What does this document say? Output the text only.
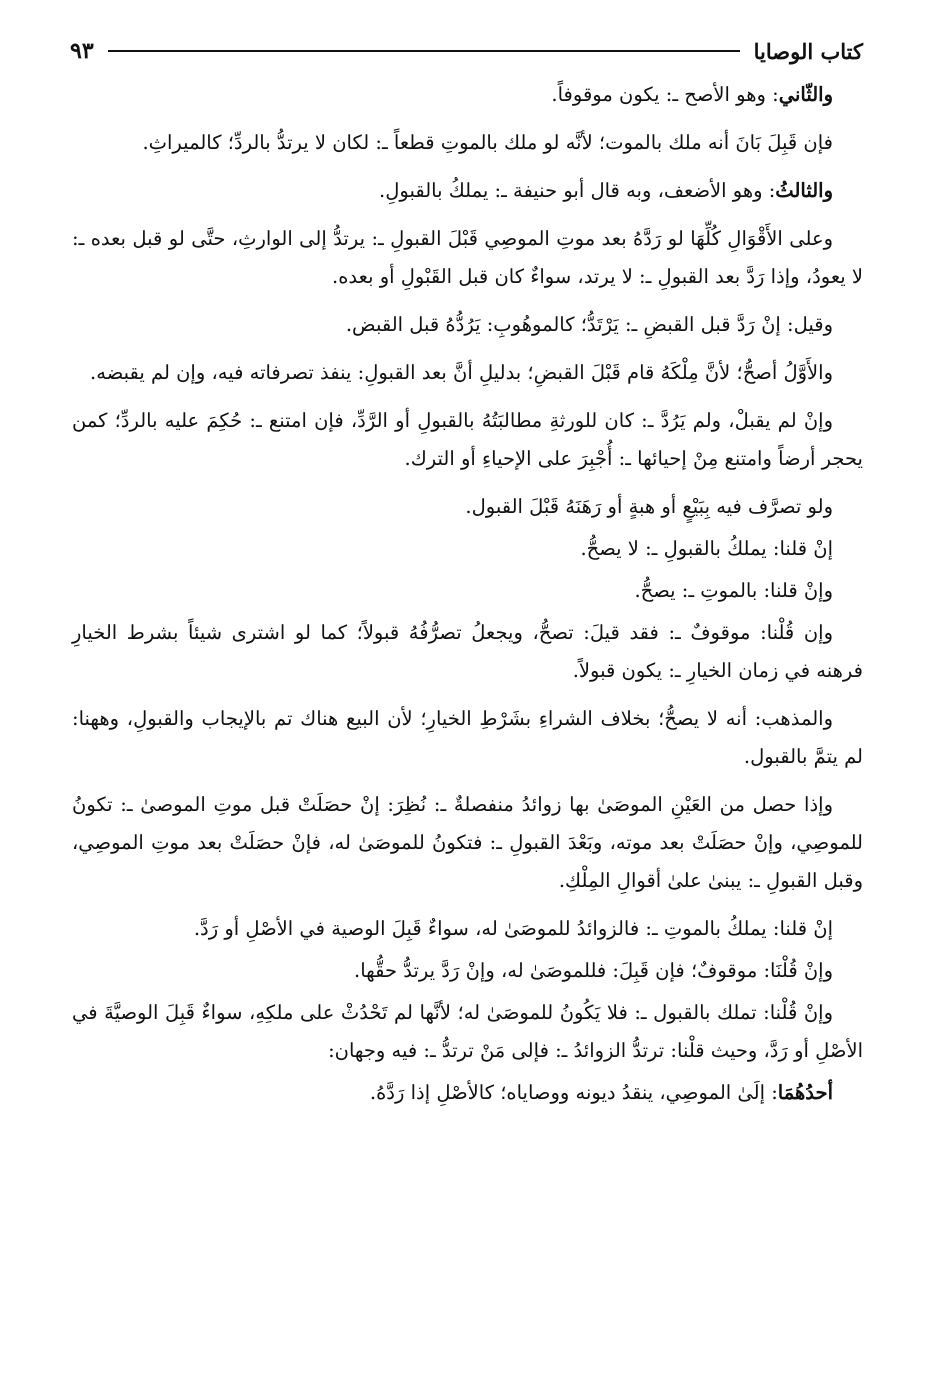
كتاب الوصايا
٩٣

والثّاني: وهو الأصح ـ: يكون موقوفاً.

فإن قَبِلَ بَانَ أنه ملك بالموت؛ لأنَّه لو ملك بالموتِ قطعاً ـ: لكان لا يرتدُّ بالردِّ؛ كالميراثِ.

والثالثُ: وهو الأضعف، وبه قال أبو حنيفة ـ: يملكُ بالقبولِ.

وعلى الأَقْوَالِ كُلِّهَا لو رَدَّهُ بعد موتِ الموصِي قَبْلَ القبولِ ـ: يرتدُّ إلى الوارثِ، حتَّى لو قبل بعده ـ: لا يعودُ، وإذا رَدَّ بعد القبولِ ـ: لا يرتد، سواءٌ كان قبل القَبْولِ أو بعده.

وقيل: إنْ رَدَّ قبل القبضِ ـ: يَرْتَدُّ؛ كالموهُوبِ: يَرُدُّهُ قبل القبض.

والأَوَّلُ أصحُّ؛ لأنَّ مِلْكَهُ قام قَبْلَ القبضِ؛ بدليلِ أنَّ بعد القبولِ: ينفذ تصرفاته فيه، وإن لم يقبضه.

وإنْ لم يقبلْ، ولم يَرُدَّ ـ: كان للورثةِ مطالبَتُهُ بالقبولِ أو الرَّدِّ، فإن امتنع ـ: حُكِمَ عليه بالردِّ؛ كمن يحجر أرضاً وامتنع مِنْ إحيائها ـ: أُجْبِرَ على الإحياءِ أو الترك.

ولو تصرَّف فيه بِبَيْعٍ أو هبةٍ أو رَهَنَهُ قَبْلَ القبول.

إنْ قلنا: يملكُ بالقبولِ ـ: لا يصحُّ.

وإنْ قلنا: بالموتِ ـ: يصحُّ.

وإن قُلْنا: موقوفٌ ـ: فقد قيلَ: تصحُّ، ويجعلُ تصرُّفُهُ قبولاً؛ كما لو اشترى شيئاً بشرط الخيارِ فرهنه في زمان الخيارِ ـ: يكون قبولاً.

والمذهب: أنه لا يصحُّ؛ بخلاف الشراءِ بشَرْطِ الخيارِ؛ لأن البيع هناك تم بالإيجاب والقبولِ، وههنا: لم يتمَّ بالقبول.

وإذا حصل من العَيْنِ الموصَىٰ بها زوائدُ منفصلةٌ ـ: نُظِرَ: إنْ حصَلَتْ قبل موتِ الموصىٰ ـ: تكونُ للموصِي، وإنْ حصَلَتْ بعد موته، وبَعْدَ القبولِ ـ: فتكونُ للموصَىٰ له، فإنْ حصَلَتْ بعد موتِ الموصِي، وقبل القبولِ ـ: يبنىٰ علىٰ أقوالِ المِلْكِ.

إنْ قلنا: يملكُ بالموتِ ـ: فالزوائدُ للموصَىٰ له، سواءٌ قَبِلَ الوصية في الأصْلِ أو رَدَّ.

وإنْ قُلْنَا: موقوفٌ؛ فإن قَبِلَ: فللموصَىٰ له، وإنْ رَدَّ يرتدُّ حقُّها.

وإنْ قُلْنا: تملك بالقبول ـ: فلا يَكُونُ للموصَىٰ له؛ لأنَّها لم تَحْدُثْ على ملكِهِ، سواءٌ قَبِلَ الوصيَّةَ في الأصْلِ أو رَدَّ، وحيث قلْنا: ترتدُّ الزوائدُ ـ: فإلى مَنْ ترتدُّ ـ: فيه وجهان:

أحدُهُمَا: إلَىٰ الموصِي، ينقدُ ديونه ووصاياه؛ كالأصْلِ إذا رَدَّهُ.
